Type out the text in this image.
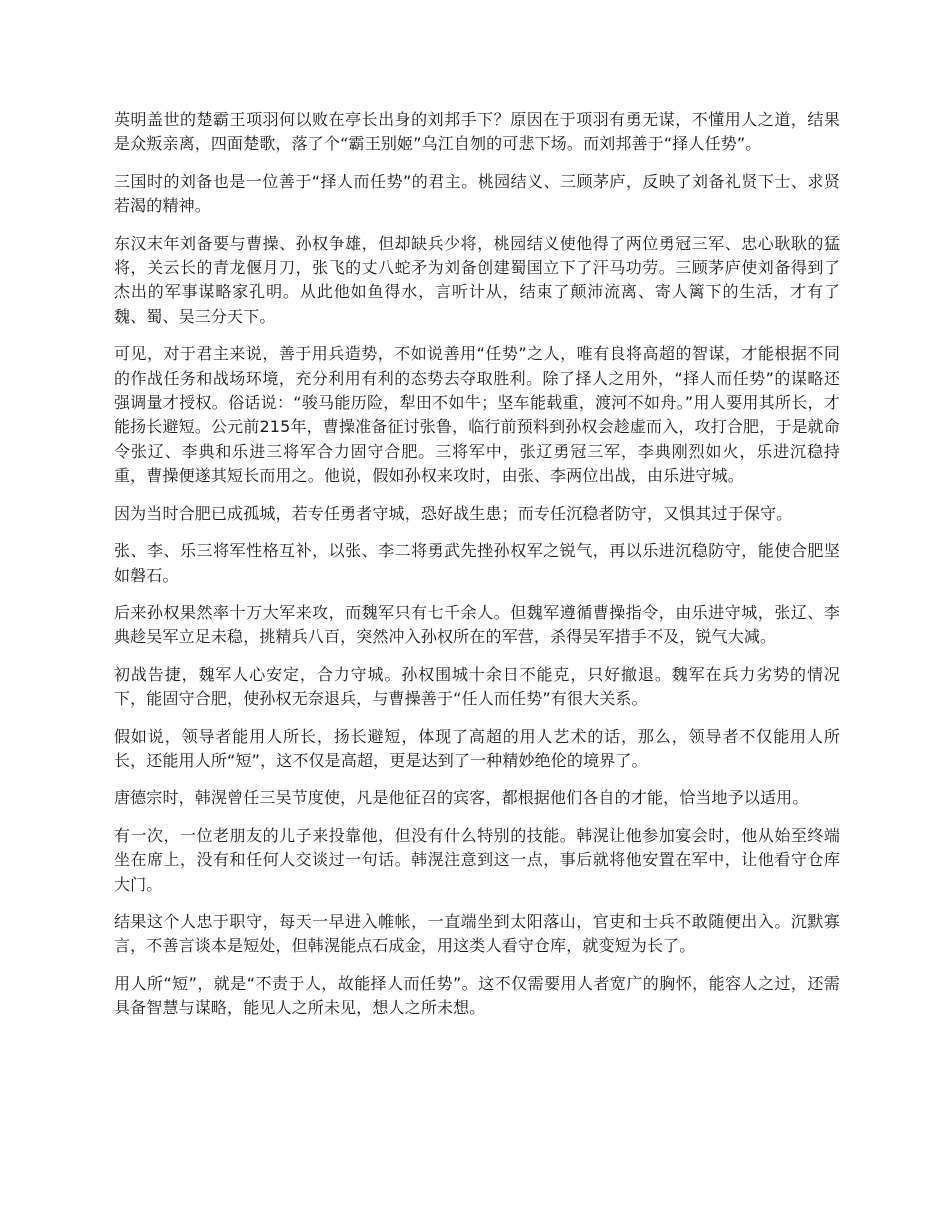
英明盖世的楚霸王项羽何以败在亭长出身的刘邦手下？原因在于项羽有勇无谋，不懂用人之道，结果是众叛亲离，四面楚歌，落了个“霸王别姬”乌江自刎的可悲下场。而刘邦善于“择人任势”。

三国时的刘备也是一位善于“择人而任势”的君主。桃园结义、三顾茅庐，反映了刘备礼贤下士、求贤若渴的精神。

东汉末年刘备要与曹操、孙权争雄，但却缺兵少将，桃园结义使他得了两位勇冠三军、忠心耿耿的猛将，关云长的青龙偃月刀，张飞的丈八蛇矛为刘备创建蜀国立下了汗马功劳。三顾茅庐使刘备得到了杰出的军事谋略家孔明。从此他如鱼得水，言听计从，结束了颠沛流离、寄人篱下的生活，才有了魏、蜀、吴三分天下。

可见，对于君主来说，善于用兵造势，不如说善用“任势”之人，唯有良将高超的智谋，才能根据不同的作战任务和战场环境，充分利用有利的态势去夺取胜利。除了择人之用外，“择人而任势”的谋略还强调量才授权。俗话说：“骏马能历险，犁田不如牛；坚车能载重，渡河不如舟。”用人要用其所长，才能扬长避短。公元前215年，曹操准备征讨张鲁，临行前预料到孙权会趁虚而入，攻打合肥，于是就命令张辽、李典和乐进三将军合力固守合肥。三将军中，张辽勇冠三军，李典刚烈如火，乐进沉稳持重，曹操便遂其短长而用之。他说，假如孙权来攻时，由张、李两位出战，由乐进守城。

因为当时合肥已成孤城，若专任勇者守城，恐好战生患；而专任沉稳者防守，又惧其过于保守。

张、李、乐三将军性格互补，以张、李二将勇武先挫孙权军之锐气，再以乐进沉稳防守，能使合肥坚如磐石。

后来孙权果然率十万大军来攻，而魏军只有七千余人。但魏军遵循曹操指令，由乐进守城，张辽、李典趁吴军立足未稳，挑精兵八百，突然冲入孙权所在的军营，杀得吴军措手不及，锐气大减。

初战告捷，魏军人心安定，合力守城。孙权围城十余日不能克，只好撤退。魏军在兵力劣势的情况下，能固守合肥，使孙权无奈退兵，与曹操善于“任人而任势”有很大关系。

假如说，领导者能用人所长，扬长避短，体现了高超的用人艺术的话，那么，领导者不仅能用人所长，还能用人所“短”，这不仅是高超，更是达到了一种精妙绝伦的境界了。

唐德宗时，韩滉曾任三吴节度使，凡是他征召的宾客，都根据他们各自的才能，恰当地予以适用。

有一次，一位老朋友的儿子来投靠他，但没有什么特别的技能。韩滉让他参加宴会时，他从始至终端坐在席上，没有和任何人交谈过一句话。韩滉注意到这一点，事后就将他安置在军中，让他看守仓库大门。

结果这个人忠于职守，每天一早进入帷帐，一直端坐到太阳落山，官吏和士兵不敢随便出入。沉默寡言，不善言谈本是短处，但韩滉能点石成金，用这类人看守仓库，就变短为长了。

用人所“短”，就是“不责于人，故能择人而任势”。这不仅需要用人者宽广的胸怀，能容人之过，还需具备智慧与谋略，能见人之所未见，想人之所未想。
